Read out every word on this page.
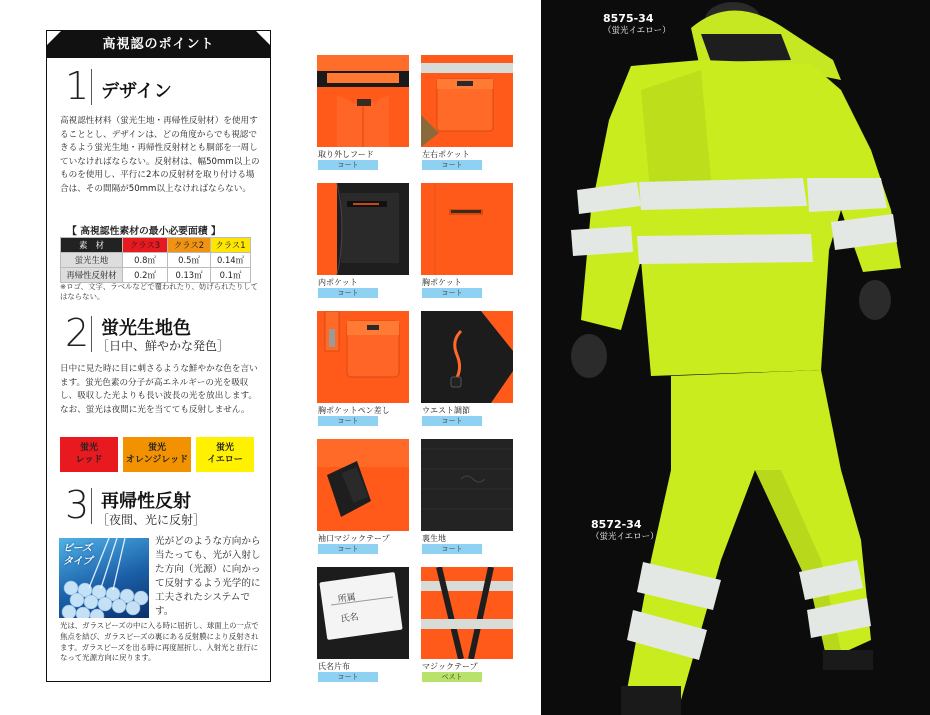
高視認のポイント
1 デザイン
高視認性材料（蛍光生地・再帰性反射材）を使用することとし、デザインは、どの角度からでも視認できるよう蛍光生地・再帰性反射材とも胴部を一周していなければならない。反射材は、幅50mm以上のものを使用し、平行に2本の反射材を取り付ける場合は、その間隔が50mm以上なければならない。
【 高視認性素材の最小必要面積 】
素　材	クラス3	クラス2	クラス1
蛍光生地	0.8㎡	0.5㎡	0.14㎡
再帰性反射材	0.2㎡	0.13㎡	0.1㎡
※ロゴ、文字、ラベルなどで覆われたり、妨げられたりしてはならない。
2 蛍光生地色
［日中、鮮やかな発色］
日中に見た時に目に刺さるような鮮やかな色を言います。蛍光色素の分子が高エネルギーの光を吸収し、吸収した光よりも長い波長の光を放出します。なお、蛍光は夜間に光を当てても反射しません。
蛍光
レッド
蛍光
オレンジレッド
蛍光
イエロー
3 再帰性反射
［夜間、光に反射］
ビーズ
タイプ
光がどのような方向から当たっても、光が入射した方向（光源）に向かって反射するよう光学的に工夫されたシステムです。
光は、ガラスビーズの中に入る時に屈折し、球面上の一点で焦点を結び、ガラスビーズの裏にある反射膜により反射されます。ガラスビーズを出る時に再度屈折し、入射光と並行になって光源方向に戻ります。
取り外しフード
コート
左右ポケット
コート
内ポケット
コート
胸ポケット
コート
胸ポケットペン差し
コート
ウエスト調節
コート
袖口マジックテープ
コート
裏生地
コート
所属
氏名
氏名片布
コート
マジックテープ
ベスト
8575-34
（蛍光イエロー）
8572-34
（蛍光イエロー）
